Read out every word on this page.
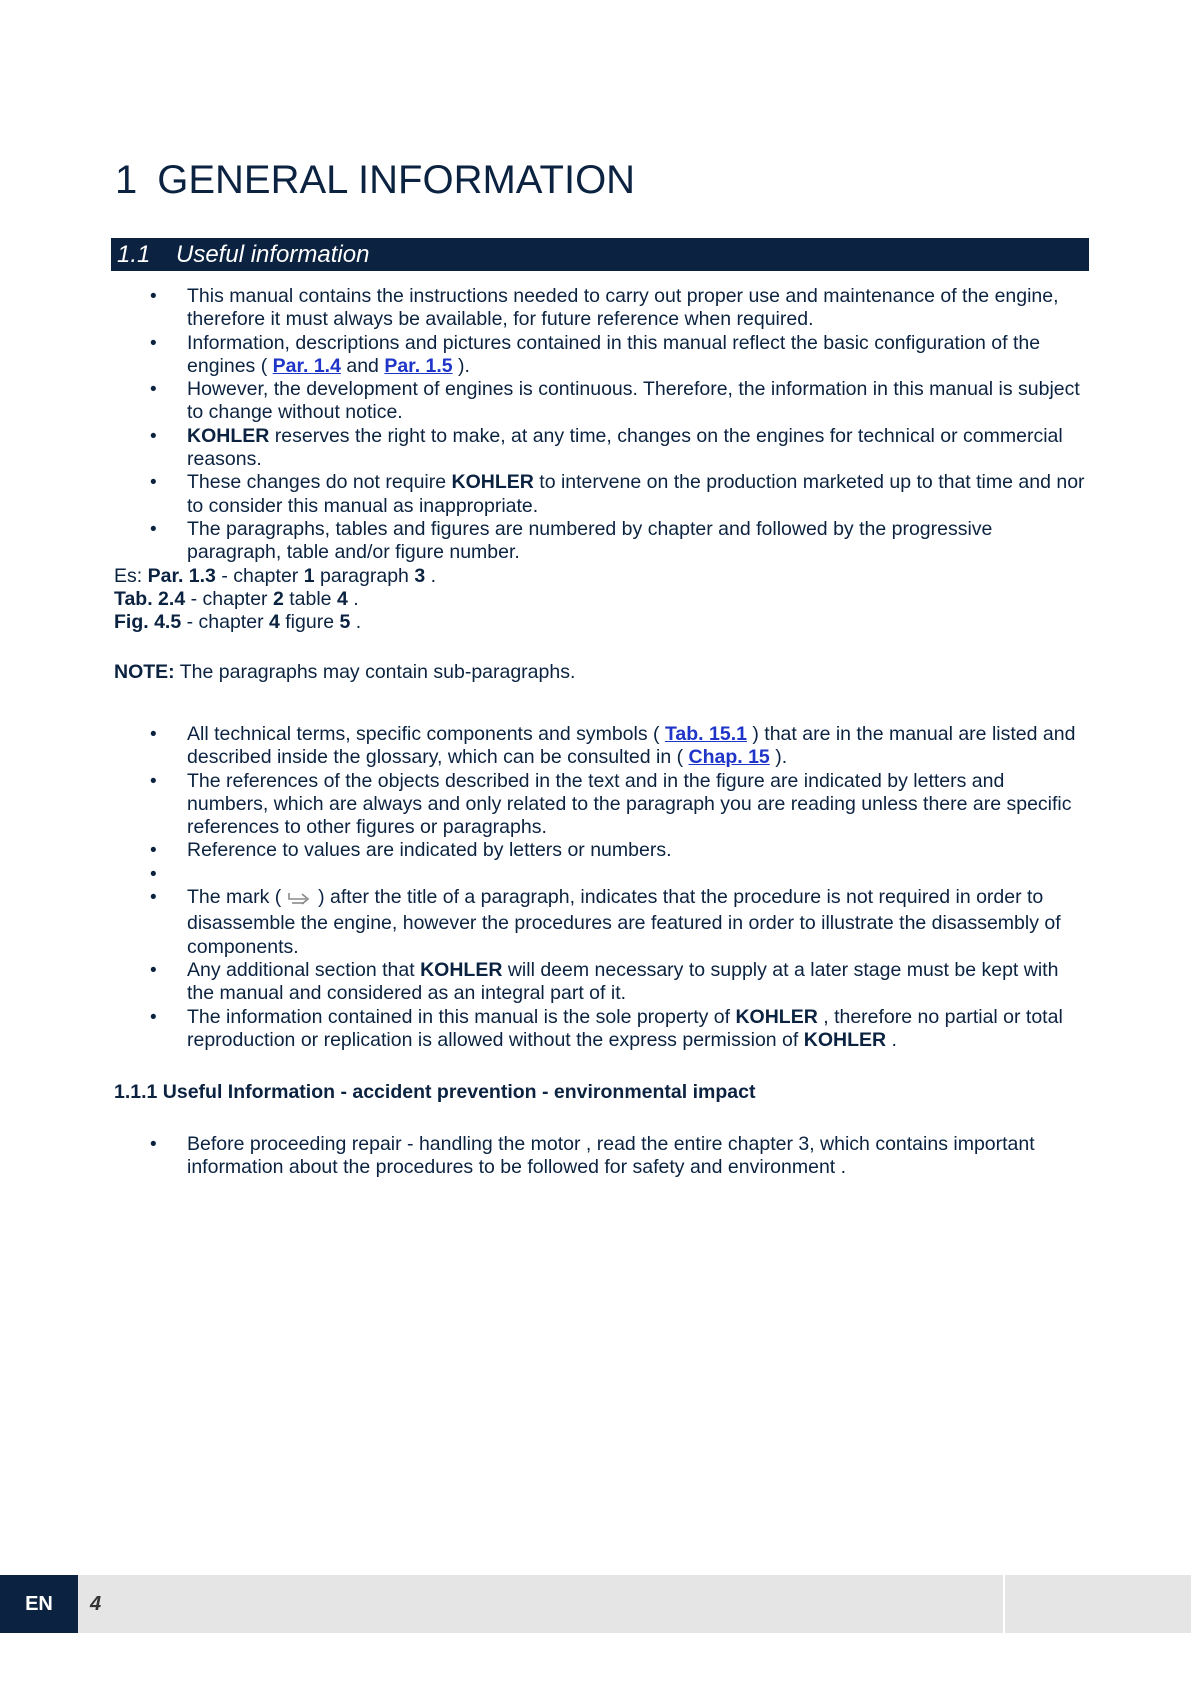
1 GENERAL INFORMATION
1.1 Useful information
• This manual contains the instructions needed to carry out proper use and maintenance of the engine, therefore it must always be available, for future reference when required.
• Information, descriptions and pictures contained in this manual reflect the basic configuration of the engines ( Par. 1.4 and Par. 1.5 ).
• However, the development of engines is continuous. Therefore, the information in this manual is subject to change without notice.
• KOHLER reserves the right to make, at any time, changes on the engines for technical or commercial reasons.
• These changes do not require KOHLER to intervene on the production marketed up to that time and nor to consider this manual as inappropriate.
• The paragraphs, tables and figures are numbered by chapter and followed by the progressive paragraph, table and/or figure number.

Es: Par. 1.3 - chapter 1 paragraph 3 .

Tab. 2.4 - chapter 2 table 4 .

Fig. 4.5 - chapter 4 figure 5 .

NOTE: The paragraphs may contain sub-paragraphs.

• All technical terms, specific components and symbols ( Tab. 15.1 ) that are in the manual are listed and described inside the glossary, which can be consulted in ( Chap. 15 ).
• The references of the objects described in the text and in the figure are indicated by letters and numbers, which are always and only related to the paragraph you are reading unless there are specific references to other figures or paragraphs.
• Reference to values are indicated by letters or numbers.
•
• The mark (  ) after the title of a paragraph, indicates that the procedure is not required in order to disassemble the engine, however the procedures are featured in order to illustrate the disassembly of components.
• Any additional section that KOHLER will deem necessary to supply at a later stage must be kept with the manual and considered as an integral part of it.
• The information contained in this manual is the sole property of KOHLER , therefore no partial or total reproduction or replication is allowed without the express permission of KOHLER .

1.1.1 Useful Information - accident prevention - environmental impact

• Before proceeding repair - handling the motor , read the entire chapter 3, which contains important information about the procedures to be followed for safety and environment .
EN	4
